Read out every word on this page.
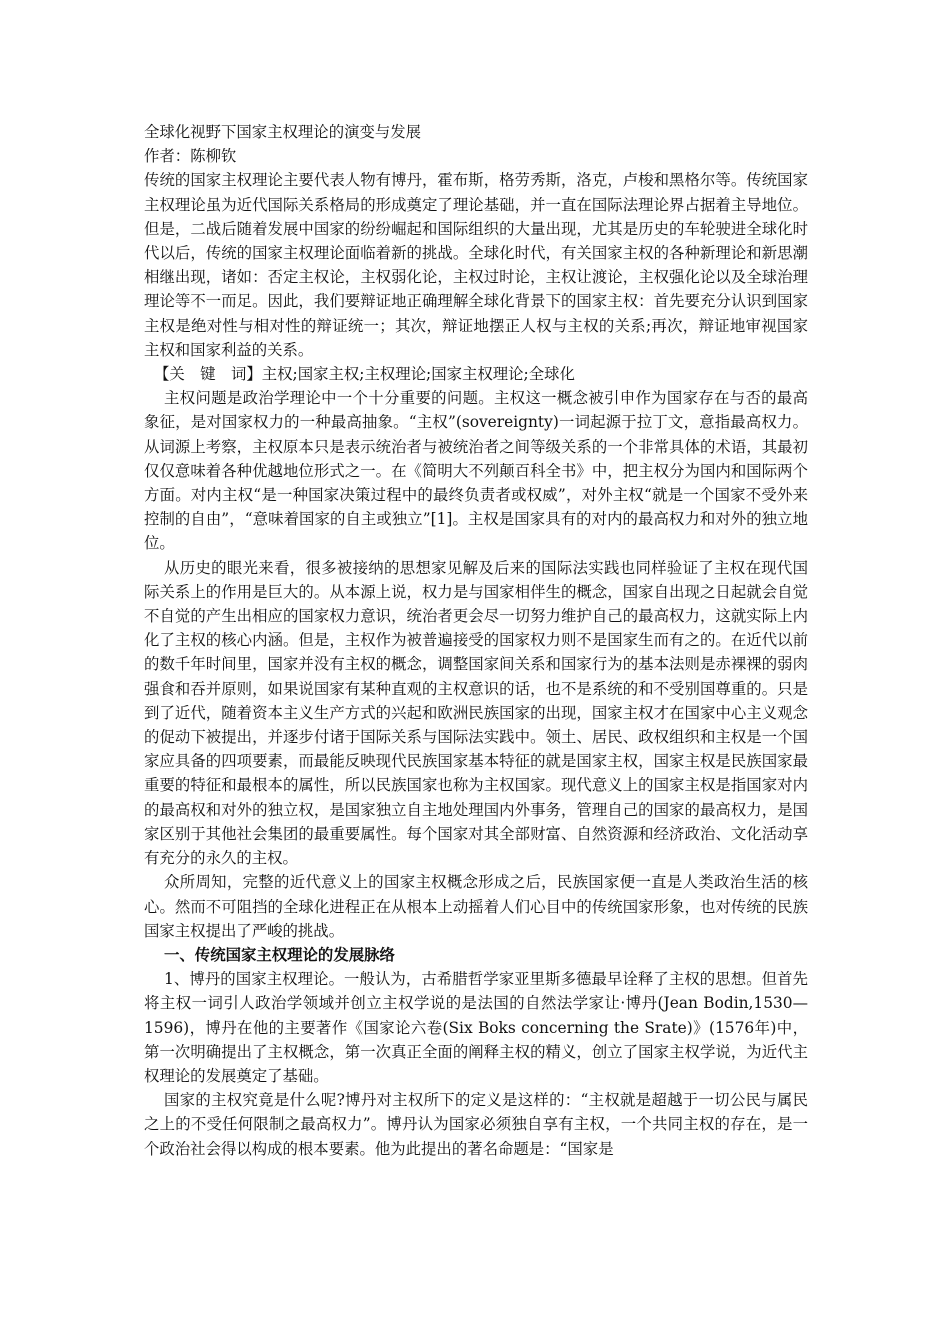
全球化视野下国家主权理论的演变与发展

作者：陈柳钦

传统的国家主权理论主要代表人物有博丹，霍布斯，格劳秀斯，洛克，卢梭和黑格尔等。传统国家主权理论虽为近代国际关系格局的形成奠定了理论基础，并一直在国际法理论界占据着主导地位。但是，二战后随着发展中国家的纷纷崛起和国际组织的大量出现，尤其是历史的车轮驶进全球化时代以后，传统的国家主权理论面临着新的挑战。全球化时代，有关国家主权的各种新理论和新思潮相继出现，诸如：否定主权论，主权弱化论，主权过时论，主权让渡论，主权强化论以及全球治理理论等不一而足。因此，我们要辩证地正确理解全球化背景下的国家主权：首先要充分认识到国家主权是绝对性与相对性的辩证统一；其次，辩证地摆正人权与主权的关系;再次，辩证地审视国家主权和国家利益的关系。

【关　键　词】主权;国家主权;主权理论;国家主权理论;全球化

主权问题是政治学理论中一个十分重要的问题。主权这一概念被引申作为国家存在与否的最高象征，是对国家权力的一种最高抽象。“主权”(sovereignty)一词起源于拉丁文，意指最高权力。从词源上考察，主权原本只是表示统治者与被统治者之间等级关系的一个非常具体的术语，其最初仅仅意味着各种优越地位形式之一。在《简明大不列颠百科全书》中，把主权分为国内和国际两个方面。对内主权“是一种国家决策过程中的最终负责者或权威”，对外主权“就是一个国家不受外来控制的自由”，“意味着国家的自主或独立”[1]。主权是国家具有的对内的最高权力和对外的独立地位。

从历史的眼光来看，很多被接纳的思想家见解及后来的国际法实践也同样验证了主权在现代国际关系上的作用是巨大的。从本源上说，权力是与国家相伴生的概念，国家自出现之日起就会自觉不自觉的产生出相应的国家权力意识，统治者更会尽一切努力维护自己的最高权力，这就实际上内化了主权的核心内涵。但是，主权作为被普遍接受的国家权力则不是国家生而有之的。在近代以前的数千年时间里，国家并没有主权的概念，调整国家间关系和国家行为的基本法则是赤裸裸的弱肉强食和吞并原则，如果说国家有某种直观的主权意识的话，也不是系统的和不受别国尊重的。只是到了近代，随着资本主义生产方式的兴起和欧洲民族国家的出现，国家主权才在国家中心主义观念的促动下被提出，并逐步付诸于国际关系与国际法实践中。领土、居民、政权组织和主权是一个国家应具备的四项要素，而最能反映现代民族国家基本特征的就是国家主权，国家主权是民族国家最重要的特征和最根本的属性，所以民族国家也称为主权国家。现代意义上的国家主权是指国家对内的最高权和对外的独立权，是国家独立自主地处理国内外事务，管理自己的国家的最高权力，是国家区别于其他社会集团的最重要属性。每个国家对其全部财富、自然资源和经济政治、文化活动享有充分的永久的主权。

众所周知，完整的近代意义上的国家主权概念形成之后，民族国家便一直是人类政治生活的核心。然而不可阻挡的全球化进程正在从根本上动摇着人们心目中的传统国家形象，也对传统的民族国家主权提出了严峻的挑战。

一、传统国家主权理论的发展脉络

1、博丹的国家主权理论。一般认为，古希腊哲学家亚里斯多德最早诠释了主权的思想。但首先将主权一词引人政治学领域并创立主权学说的是法国的自然法学家让·博丹(Jean Bodin,1530—1596)，博丹在他的主要著作《国家论六卷(Six Boks concerning the Srate)》(1576年)中，第一次明确提出了主权概念，第一次真正全面的阐释主权的精义，创立了国家主权学说，为近代主权理论的发展奠定了基础。

国家的主权究竟是什么呢?博丹对主权所下的定义是这样的：“主权就是超越于一切公民与属民之上的不受任何限制之最高权力”。博丹认为国家必须独自享有主权，一个共同主权的存在，是一个政治社会得以构成的根本要素。他为此提出的著名命题是：“国家是
